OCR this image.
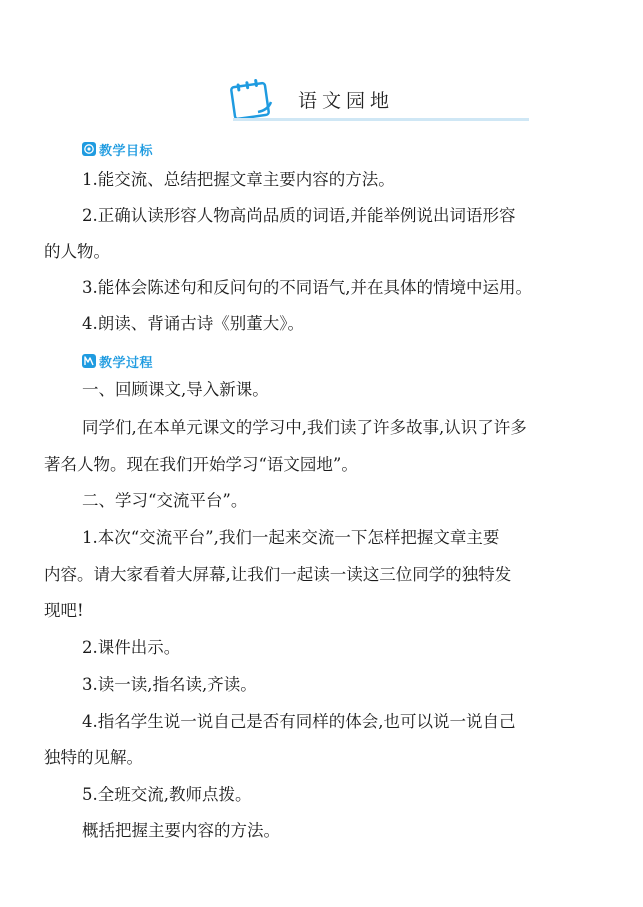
语文园地
教学目标
1.能交流、总结把握文章主要内容的方法。
2.正确认读形容人物高尚品质的词语,并能举例说出词语形容
的人物。
3.能体会陈述句和反问句的不同语气,并在具体的情境中运用。
4.朗读、背诵古诗《别董大》。
教学过程
一、回顾课文,导入新课。
同学们,在本单元课文的学习中,我们读了许多故事,认识了许多
著名人物。现在我们开始学习“语文园地”。
二、学习“交流平台”。
1.本次“交流平台”,我们一起来交流一下怎样把握文章主要
内容。请大家看着大屏幕,让我们一起读一读这三位同学的独特发
现吧!
2.课件出示。
3.读一读,指名读,齐读。
4.指名学生说一说自己是否有同样的体会,也可以说一说自己
独特的见解。
5.全班交流,教师点拨。
概括把握主要内容的方法。
